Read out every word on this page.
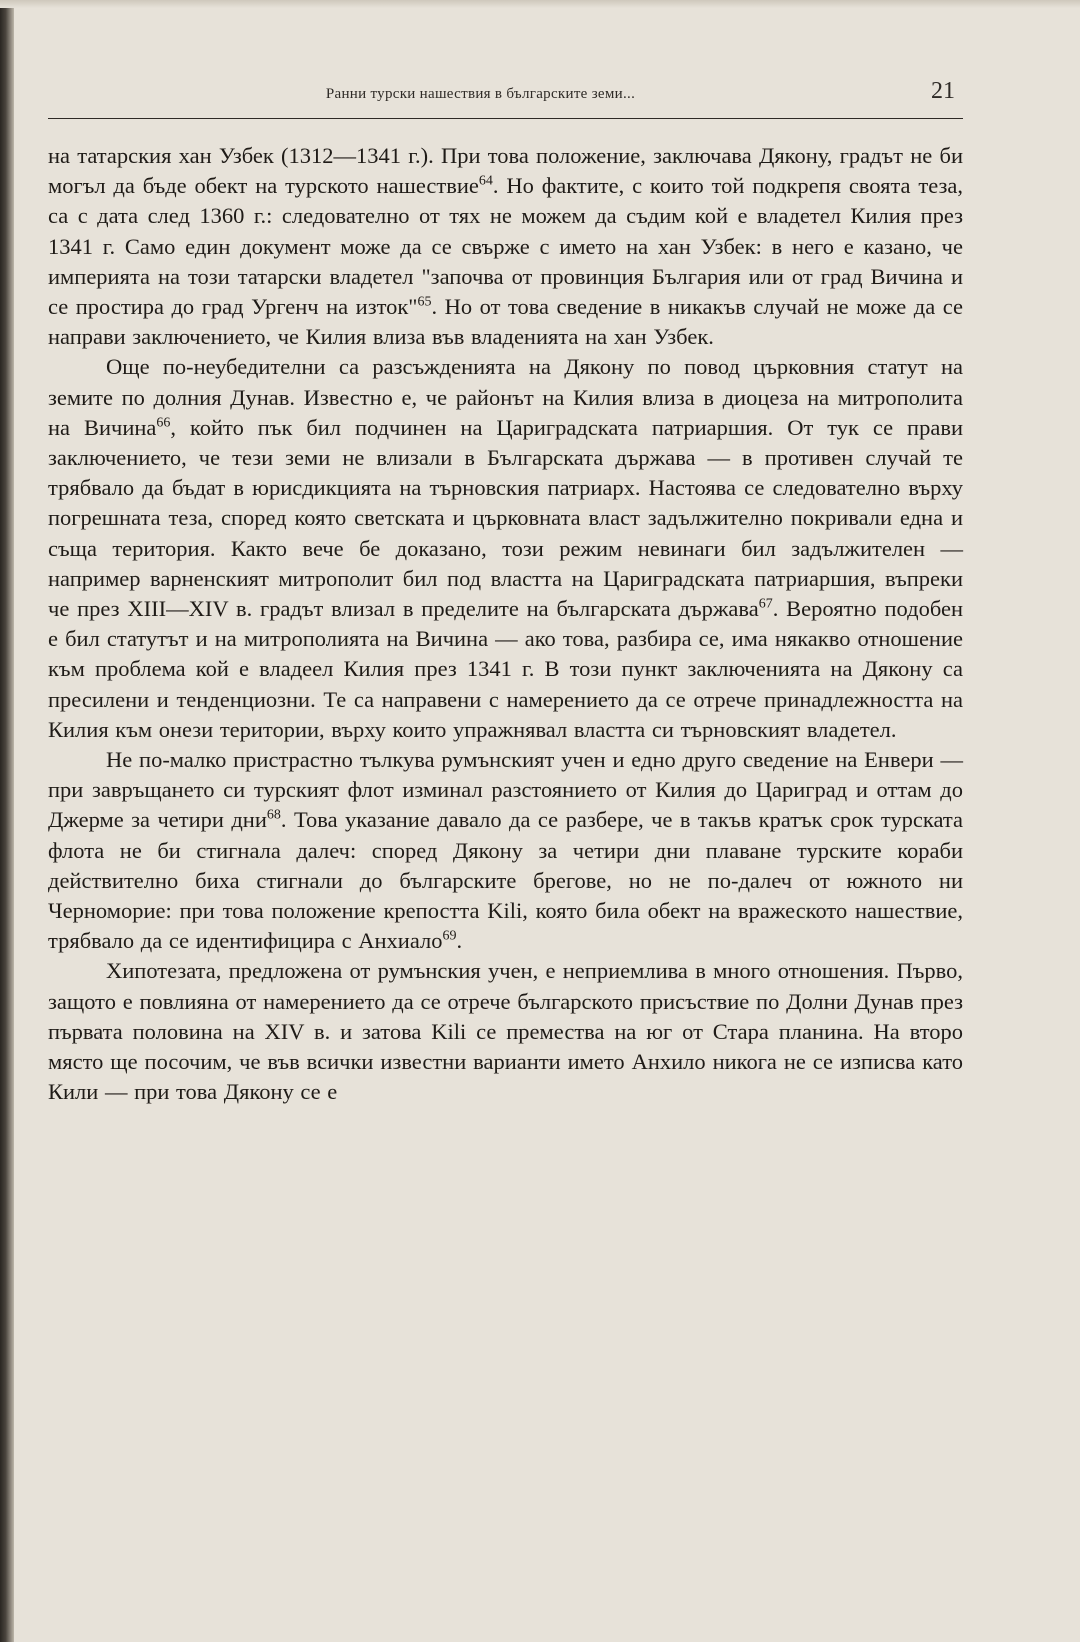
Ранни турски нашествия в българските земи...	21

на татарския хан Узбек (1312—1341 г.). При това положение, заключава Дякону, градът не би могъл да бъде обект на турското нашествие$^{64}$. Но фактите, с които той подкрепя своята теза, са с дата след 1360 г.: следователно от тях не можем да съдим кой е владетел Килия през 1341 г. Само един документ може да се свърже с името на хан Узбек: в него е казано, че империята на този татарски владетел "започва от провинция България или от град Вичина и се простира до град Ургенч на изток"$^{65}$. Но от това сведение в никакъв случай не може да се направи заключението, че Килия влиза във владенията на хан Узбек.

Още по-неубедителни са разсъжденията на Дякону по повод църковния статут на земите по долния Дунав. Известно е, че районът на Килия влиза в диоцеза на митрополита на Вичина$^{66}$, който пък бил подчинен на Цариградската патриаршия. От тук се прави заключението, че тези земи не влизали в Българската държава — в противен случай те трябвало да бъдат в юрисдикцията на търновския патриарх. Настоява се следователно върху погрешната теза, според която светската и църковната власт задължително покривали една и съща територия. Както вече бе доказано, този режим невинаги бил задължителен — например варненският митрополит бил под властта на Цариградската патриаршия, въпреки че през XIII—XIV в. градът влизал в пределите на българската държава$^{67}$. Вероятно подобен е бил статутът и на митрополията на Вичина — ако това, разбира се, има някакво отношение към проблема кой е владеел Килия през 1341 г. В този пункт заключенията на Дякону са пресилени и тенденциозни. Те са направени с намерението да се отрече принадлежността на Килия към онези територии, върху които упражнявал властта си търновският владетел.

Не по-малко пристрастно тълкува румънският учен и едно друго сведение на Енвери — при завръщането си турският флот изминал разстоянието от Килия до Цариград и оттам до Джерме за четири дни$^{68}$. Това указание давало да се разбере, че в такъв кратък срок турската флота не би стигнала далеч: според Дякону за четири дни плаване турските кораби действително биха стигнали до българските брегове, но не по-далеч от южното ни Черноморие: при това положение крепостта Kili, която била обект на вражеското нашествие, трябвало да се идентифицира с Анхиало$^{69}$.

Хипотезата, предложена от румънския учен, е неприемлива в много отношения. Първо, защото е повлияна от намерението да се отрече българското присъствие по Долни Дунав през първата половина на XIV в. и затова Kili се премества на юг от Стара планина. На второ място ще посочим, че във всички известни варианти името Анхило никога не се изписва като Кили — при това Дякону се е
